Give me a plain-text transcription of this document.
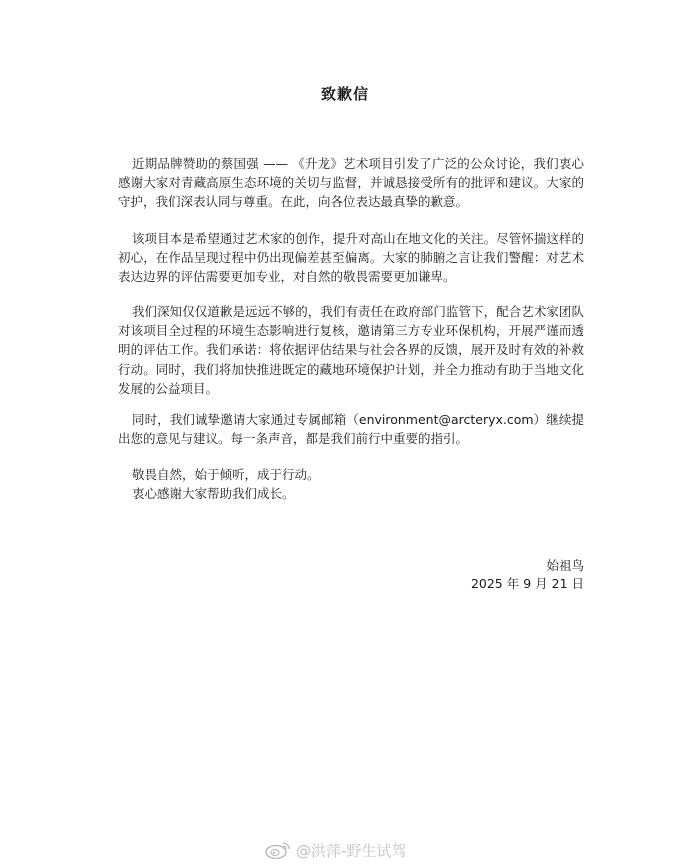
致歉信

近期品牌赞助的蔡国强 —— 《升龙》艺术项目引发了广泛的公众讨论，我们衷心感谢大家对青藏高原生态环境的关切与监督，并诚恳接受所有的批评和建议。大家的守护，我们深表认同与尊重。在此，向各位表达最真挚的歉意。

该项目本是希望通过艺术家的创作，提升对高山在地文化的关注。尽管怀揣这样的初心，在作品呈现过程中仍出现偏差甚至偏离。大家的肺腑之言让我们警醒：对艺术表达边界的评估需要更加专业，对自然的敬畏需要更加谦卑。

我们深知仅仅道歉是远远不够的，我们有责任在政府部门监管下，配合艺术家团队对该项目全过程的环境生态影响进行复核，邀请第三方专业环保机构，开展严谨而透明的评估工作。我们承诺：将依据评估结果与社会各界的反馈，展开及时有效的补救行动。同时，我们将加快推进既定的藏地环境保护计划，并全力推动有助于当地文化发展的公益项目。

同时，我们诚挚邀请大家通过专属邮箱（environment@arcteryx.com）继续提出您的意见与建议。每一条声音，都是我们前行中重要的指引。

敬畏自然，始于倾听，成于行动。

衷心感谢大家帮助我们成长。

始祖鸟

2025 年 9 月 21 日

@洪萍-野生试驾
